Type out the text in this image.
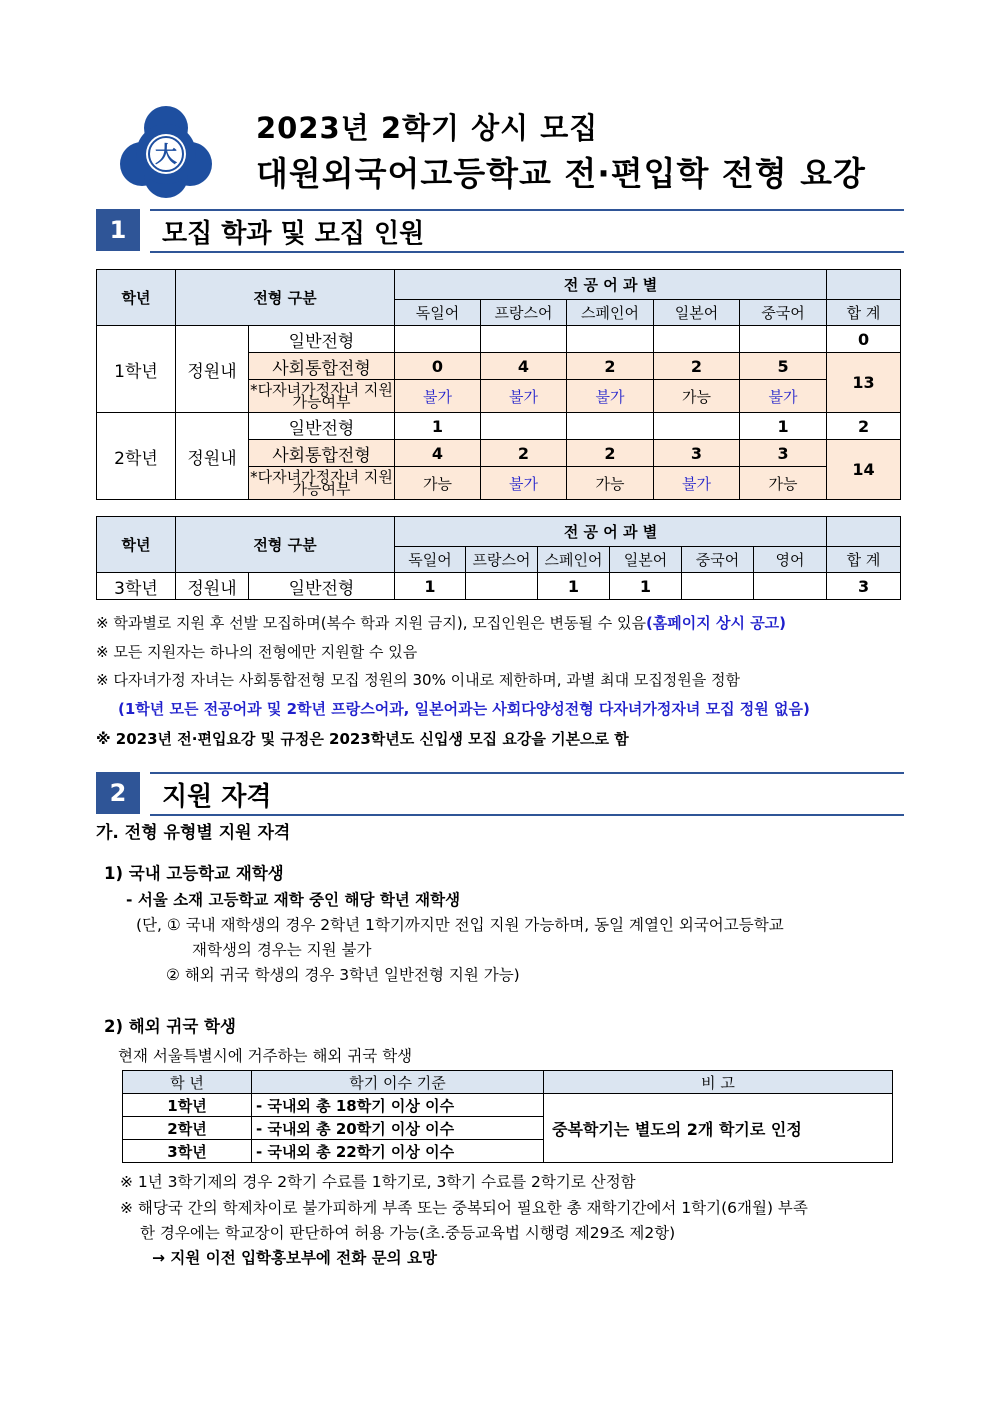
大
2023년 2학기 상시 모집
대원외국어고등학교 전·편입학 전형 요강
1	모집 학과 및 모집 인원
학년	전형 구분		전 공 어 과 별					
			독일어	프랑스어	스페인어	일본어	중국어	합 계
1학년	정원내	일반전형						0
		사회통합전형	0	4	2	2	5	13
		*다자녀가정자녀 지원 가능여부	불가	불가	불가	가능	불가	
2학년	정원내	일반전형	1				1	2
		사회통합전형	4	2	2	3	3	14
		*다자녀가정자녀 지원 가능여부	가능	불가	가능	불가	가능	
학년	전형 구분		전 공 어 과 별						
			독일어	프랑스어	스페인어	일본어	중국어	영어	합 계
3학년	정원내	일반전형	1		1	1			3
※ 학과별로 지원 후 선발 모집하며(복수 학과 지원 금지), 모집인원은 변동될 수 있음(홈페이지 상시 공고)
※ 모든 지원자는 하나의 전형에만 지원할 수 있음
※ 다자녀가정 자녀는 사회통합전형 모집 정원의 30% 이내로 제한하며, 과별 최대 모집정원을 정함
(1학년 모든 전공어과 및 2학년 프랑스어과, 일본어과는 사회다양성전형 다자녀가정자녀 모집 정원 없음)
※ 2023년 전·편입요강 및 규정은 2023학년도 신입생 모집 요강을 기본으로 함
2	지원 자격
가. 전형 유형별 지원 자격
1) 국내 고등학교 재학생
- 서울 소재 고등학교 재학 중인 해당 학년 재학생
(단, ① 국내 재학생의 경우 2학년 1학기까지만 전입 지원 가능하며, 동일 계열인 외국어고등학교
재학생의 경우는 지원 불가
② 해외 귀국 학생의 경우 3학년 일반전형 지원 가능)
2) 해외 귀국 학생
현재 서울특별시에 거주하는 해외 귀국 학생
학 년	학기 이수 기준	비 고
1학년	- 국내외 총 18학기 이상 이수	중복학기는 별도의 2개 학기로 인정
2학년	- 국내외 총 20학기 이상 이수	
3학년	- 국내외 총 22학기 이상 이수	
※ 1년 3학기제의 경우 2학기 수료를 1학기로, 3학기 수료를 2학기로 산정함
※ 해당국 간의 학제차이로 불가피하게 부족 또는 중복되어 필요한 총 재학기간에서 1학기(6개월) 부족
한 경우에는 학교장이 판단하여 허용 가능(초.중등교육법 시행령 제29조 제2항)
→ 지원 이전 입학홍보부에 전화 문의 요망
